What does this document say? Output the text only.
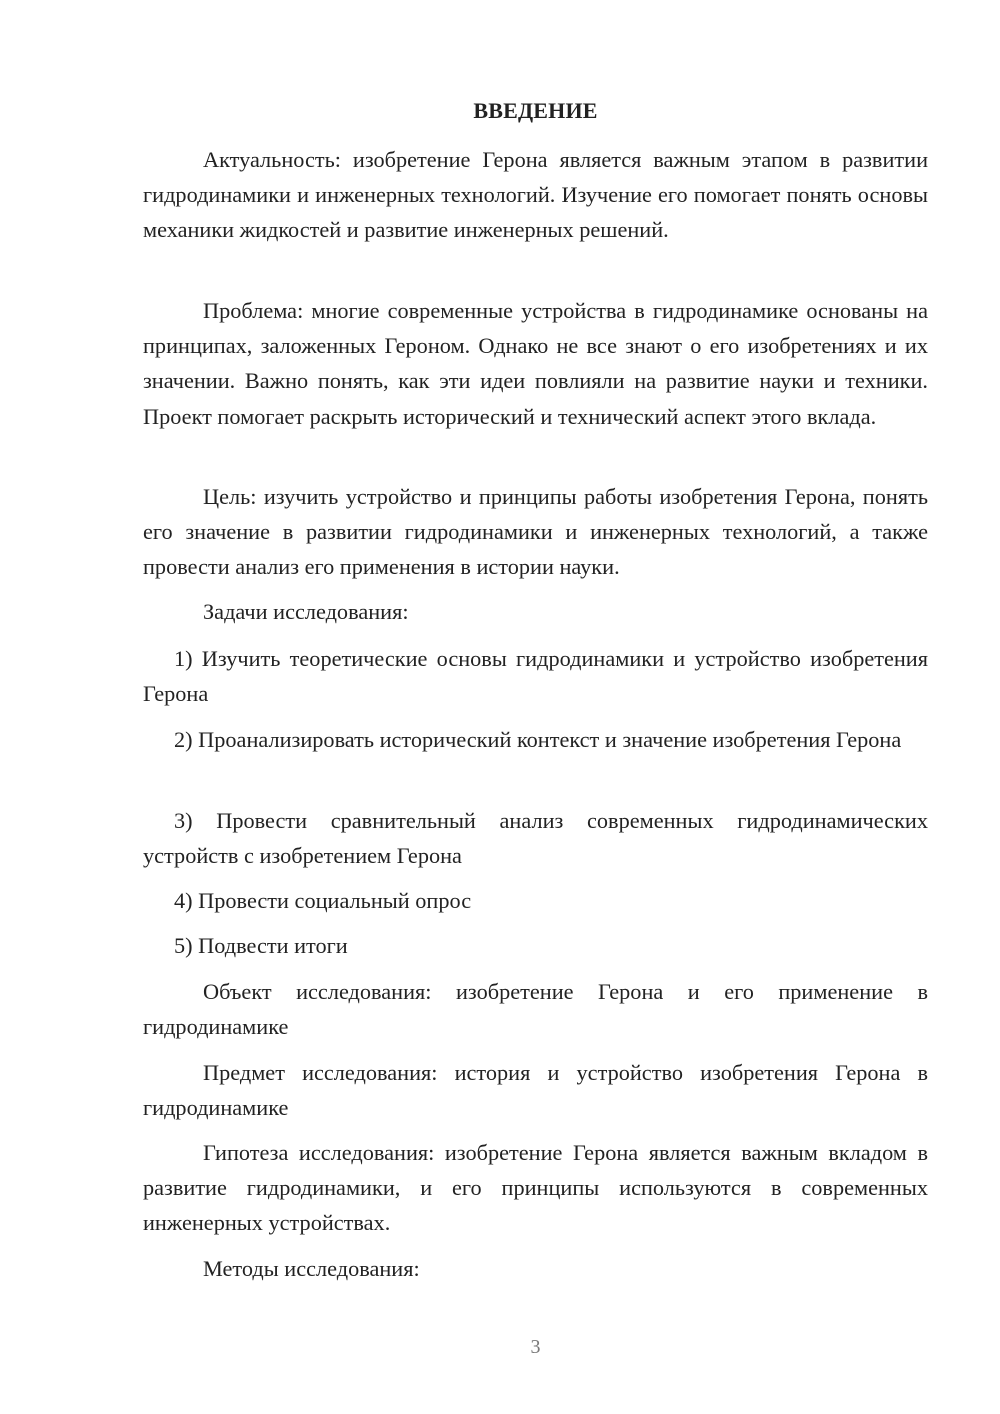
ВВЕДЕНИЕ
Актуальность: изобретение Герона является важным этапом в развитии гидродинамики и инженерных технологий. Изучение его помогает понять основы механики жидкостей и развитие инженерных решений.
Проблема: многие современные устройства в гидродинамике основаны на принципах, заложенных Героном. Однако не все знают о его изобретениях и их значении. Важно понять, как эти идеи повлияли на развитие науки и техники. Проект помогает раскрыть исторический и технический аспект этого вклада.
Цель: изучить устройство и принципы работы изобретения Герона, понять его значение в развитии гидродинамики и инженерных технологий, а также провести анализ его применения в истории науки.
Задачи исследования:
1) Изучить теоретические основы гидродинамики и устройство изобретения Герона
2) Проанализировать исторический контекст и значение изобретения Герона
3) Провести сравнительный анализ современных гидродинамических устройств с изобретением Герона
4) Провести социальный опрос
5) Подвести итоги
Объект исследования: изобретение Герона и его применение в гидродинамике
Предмет исследования: история и устройство изобретения Герона в гидродинамике
Гипотеза исследования: изобретение Герона является важным вкладом в развитие гидродинамики, и его принципы используются в современных инженерных устройствах.
Методы исследования:
3
